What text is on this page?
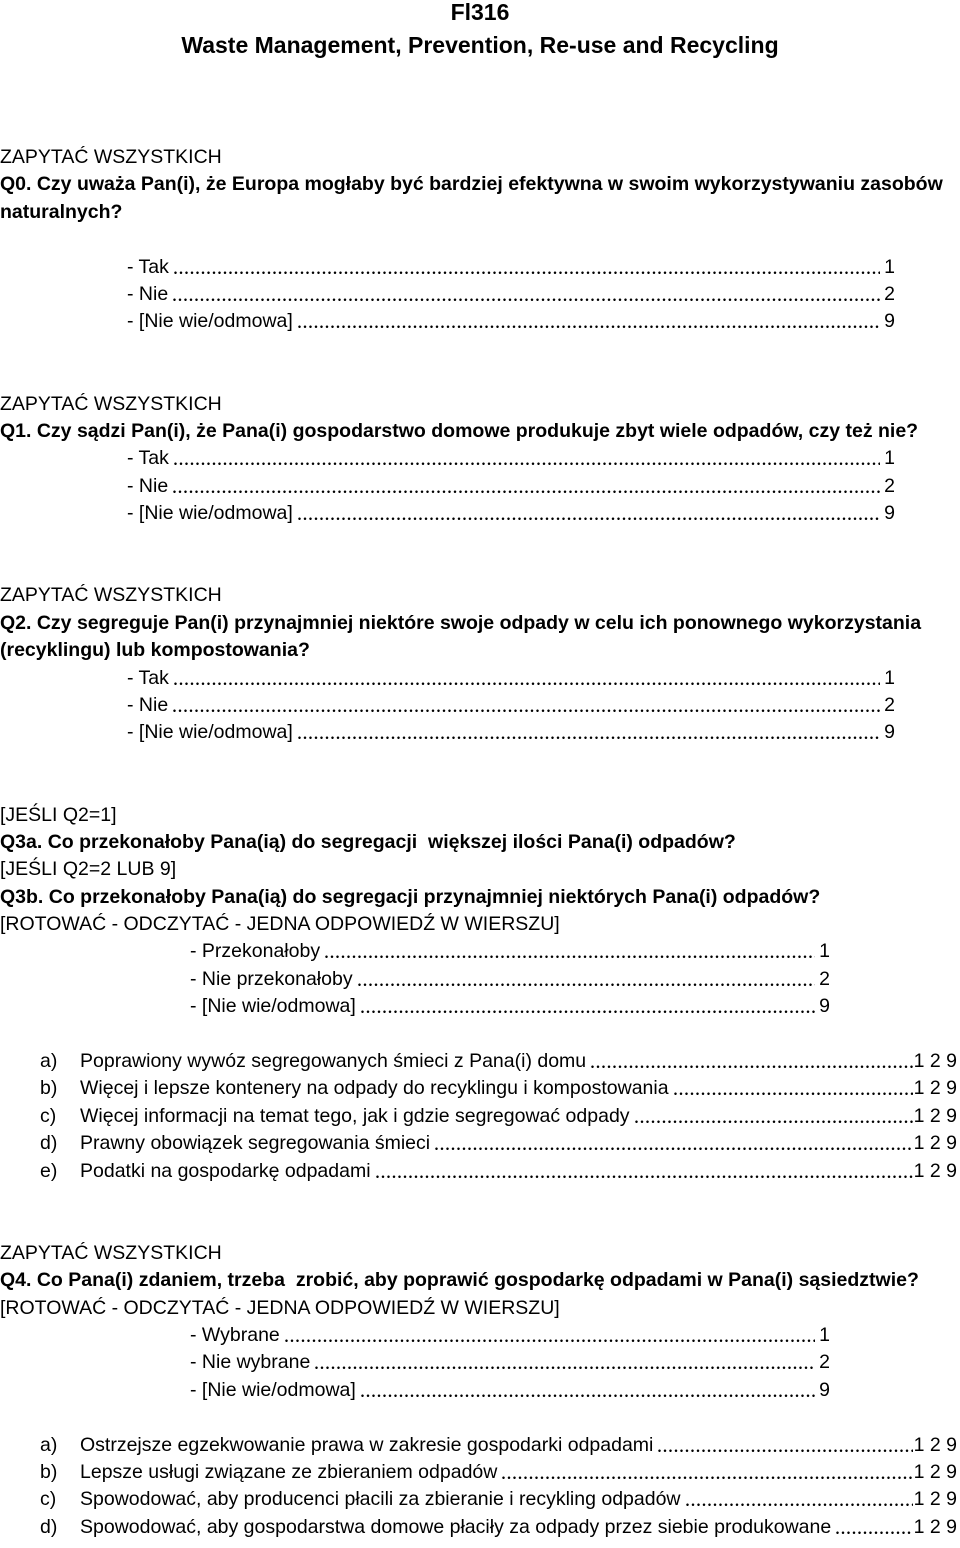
Fl316
Waste Management, Prevention, Re-use and Recycling
ZAPYTAĆ WSZYSTKICH
Q0. Czy uważa Pan(i), że Europa mogłaby być bardziej efektywna w swoim wykorzystywaniu zasobów naturalnych?
- Tak	1
- Nie	2
- [Nie wie/odmowa]	9
ZAPYTAĆ WSZYSTKICH
Q1. Czy sądzi Pan(i), że Pana(i) gospodarstwo domowe produkuje zbyt wiele odpadów, czy też nie?
- Tak	1
- Nie	2
- [Nie wie/odmowa]	9
ZAPYTAĆ WSZYSTKICH
Q2. Czy segreguje Pan(i) przynajmniej niektóre swoje odpady w celu ich ponownego wykorzystania (recyklingu) lub kompostowania?
- Tak	1
- Nie	2
- [Nie wie/odmowa]	9
[JEŚLI Q2=1]
Q3a. Co przekonałoby Pana(ią) do segregacji  większej ilości Pana(i) odpadów?
[JEŚLI Q2=2 LUB 9]
Q3b. Co przekonałoby Pana(ią) do segregacji przynajmniej niektórych Pana(i) odpadów?
[ROTOWAĆ - ODCZYTAĆ - JEDNA ODPOWIEDŹ W WIERSZU]
- Przekonałoby	1
- Nie przekonałoby	2
- [Nie wie/odmowa]	9
a)	Poprawiony wywóz segregowanych śmieci z Pana(i) domu	1 2 9
b)	Więcej i lepsze kontenery na odpady do recyklingu i kompostowania	1 2 9
c)	Więcej informacji na temat tego, jak i gdzie segregować odpady	1 2 9
d)	Prawny obowiązek segregowania śmieci	1 2 9
e)	Podatki na gospodarkę odpadami	1 2 9
ZAPYTAĆ WSZYSTKICH
Q4. Co Pana(i) zdaniem, trzeba  zrobić, aby poprawić gospodarkę odpadami w Pana(i) sąsiedztwie?
[ROTOWAĆ - ODCZYTAĆ - JEDNA ODPOWIEDŹ W WIERSZU]
- Wybrane	1
- Nie wybrane	2
- [Nie wie/odmowa]	9
a)	Ostrzejsze egzekwowanie prawa w zakresie gospodarki odpadami	1 2 9
b)	Lepsze usługi związane ze zbieraniem odpadów	1 2 9
c)	Spowodować, aby producenci płacili za zbieranie i recykling odpadów	1 2 9
d)	Spowodować, aby gospodarstwa domowe płaciły za odpady przez siebie produkowane	1 2 9
